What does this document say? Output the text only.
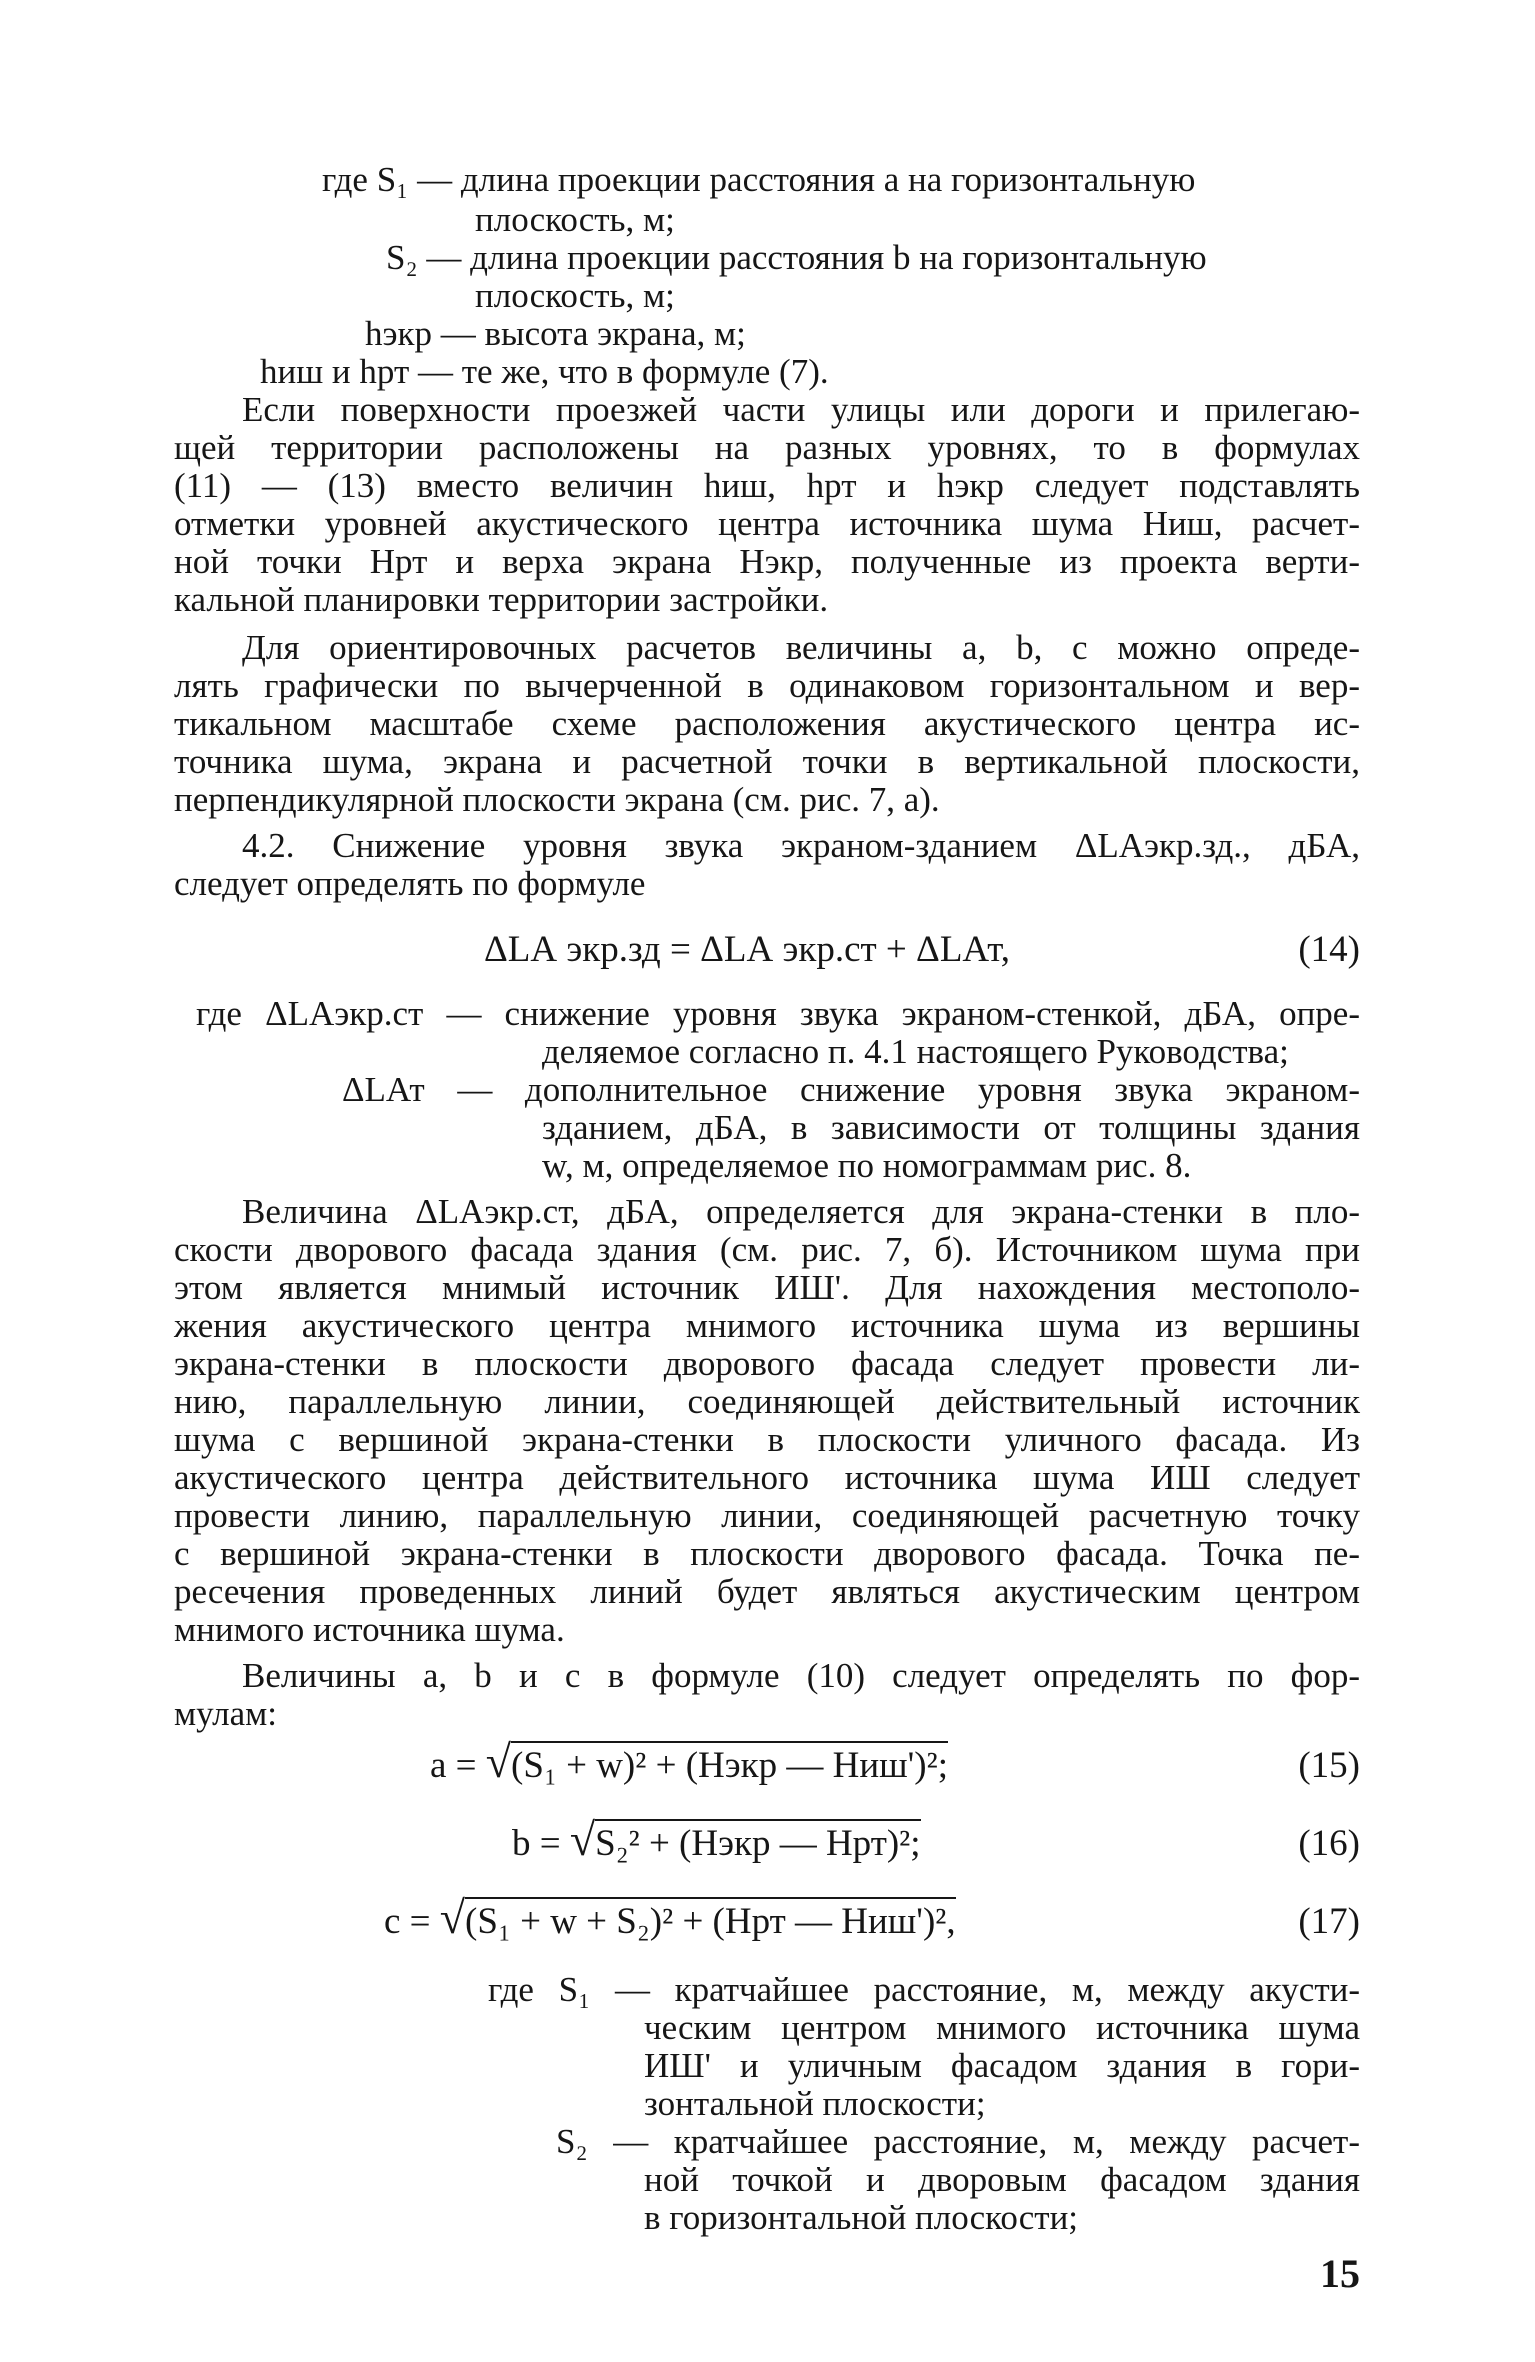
где S₁ — длина проекции расстояния a на горизонтальную
плоскость, м;
S₂ — длина проекции расстояния b на горизонтальную
плоскость, м;
hэкр — высота экрана, м;
hиш и hрт — те же, что в формуле (7).
Если поверхности проезжей части улицы или дороги и прилегаю-
щей территории расположены на разных уровнях, то в формулах
(11) — (13) вместо величин hиш, hрт и hэкр следует подставлять
отметки уровней акустического центра источника шума Hиш, расчет-
ной точки Hрт и верха экрана Hэкр, полученные из проекта верти-
кальной планировки территории застройки.
Для ориентировочных расчетов величины a, b, c можно опреде-
лять графически по вычерченной в одинаковом горизонтальном и вер-
тикальном масштабе схеме расположения акустического центра ис-
точника шума, экрана и расчетной точки в вертикальной плоскости,
перпендикулярной плоскости экрана (см. рис. 7, а).
4.2. Снижение уровня звука экраном-зданием ΔLАэкр.зд., дБА,
следует определять по формуле
ΔLА экр.зд = ΔLА экр.ст + ΔLАт,	(14)
где ΔLАэкр.ст — снижение уровня звука экраном-стенкой, дБА, опре-
деляемое согласно п. 4.1 настоящего Руководства;
ΔLАт — дополнительное снижение уровня звука экраном-
зданием, дБА, в зависимости от толщины здания
w, м, определяемое по номограммам рис. 8.
Величина ΔLАэкр.ст, дБА, определяется для экрана-стенки в пло-
скости дворового фасада здания (см. рис. 7, б). Источником шума при
этом является мнимый источник ИШ'. Для нахождения местополо-
жения акустического центра мнимого источника шума из вершины
экрана-стенки в плоскости дворового фасада следует провести ли-
нию, параллельную линии, соединяющей действительный источник
шума с вершиной экрана-стенки в плоскости уличного фасада. Из
акустического центра действительного источника шума ИШ следует
провести линию, параллельную линии, соединяющей расчетную точку
с вершиной экрана-стенки в плоскости дворового фасада. Точка пе-
ресечения проведенных линий будет являться акустическим центром
мнимого источника шума.
Величины a, b и c в формуле (10) следует определять по фор-
мулам:
a = √(S₁ + w)² + (Hэкр — Hиш')²;	(15)
b = √S₂² + (Hэкр — Hрт)²;	(16)
c = √(S₁ + w + S₂)² + (Hрт — Hиш')²,	(17)
где S₁ — кратчайшее расстояние, м, между акусти-
ческим центром мнимого источника шума
ИШ' и уличным фасадом здания в гори-
зонтальной плоскости;
S₂ — кратчайшее расстояние, м, между расчет-
ной точкой и дворовым фасадом здания
в горизонтальной плоскости;
15
